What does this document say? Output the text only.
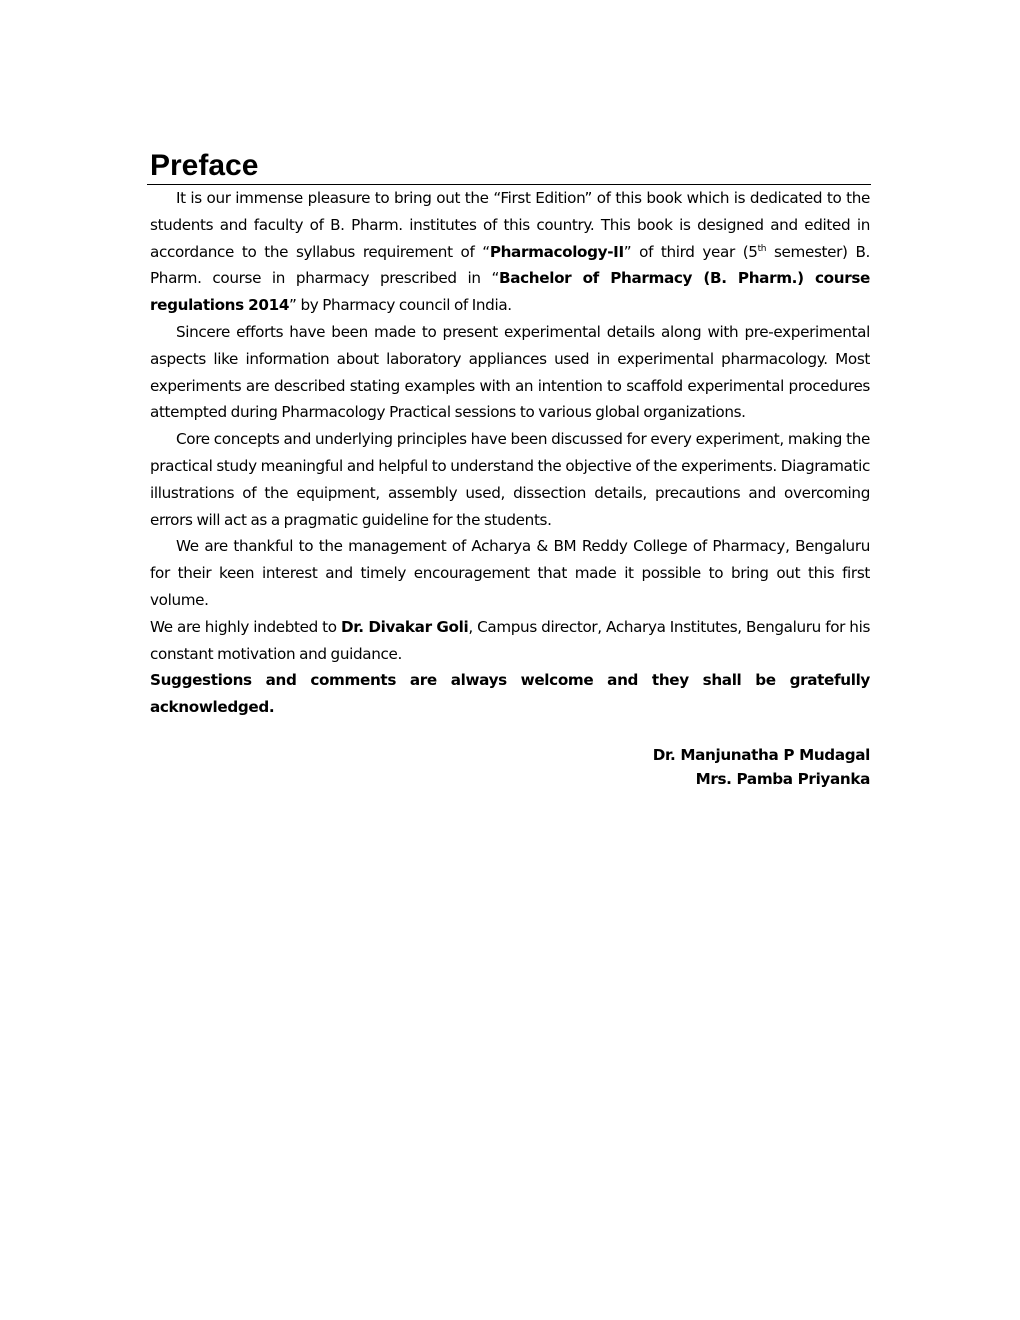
Preface

It is our immense pleasure to bring out the “First Edition” of this book which is dedicated to the students and faculty of B. Pharm. institutes of this country. This book is designed and edited in accordance to the syllabus requirement of “Pharmacology-II” of third year (5th semester) B. Pharm. course in pharmacy prescribed in “Bachelor of Pharmacy (B. Pharm.) course regulations 2014” by Pharmacy council of India.

Sincere efforts have been made to present experimental details along with pre-experimental aspects like information about laboratory appliances used in experimental pharmacology. Most experiments are described stating examples with an intention to scaffold experimental procedures attempted during Pharmacology Practical sessions to various global organizations.

Core concepts and underlying principles have been discussed for every experiment, making the practical study meaningful and helpful to understand the objective of the experiments. Diagramatic illustrations of the equipment, assembly used, dissection details, precautions and overcoming errors will act as a pragmatic guideline for the students.

We are thankful to the management of Acharya & BM Reddy College of Pharmacy, Bengaluru for their keen interest and timely encouragement that made it possible to bring out this first volume.

We are highly indebted to Dr. Divakar Goli, Campus director, Acharya Institutes, Bengaluru for his constant motivation and guidance.

Suggestions and comments are always welcome and they shall be gratefully acknowledged.

Dr. Manjunatha P Mudagal
Mrs. Pamba Priyanka
